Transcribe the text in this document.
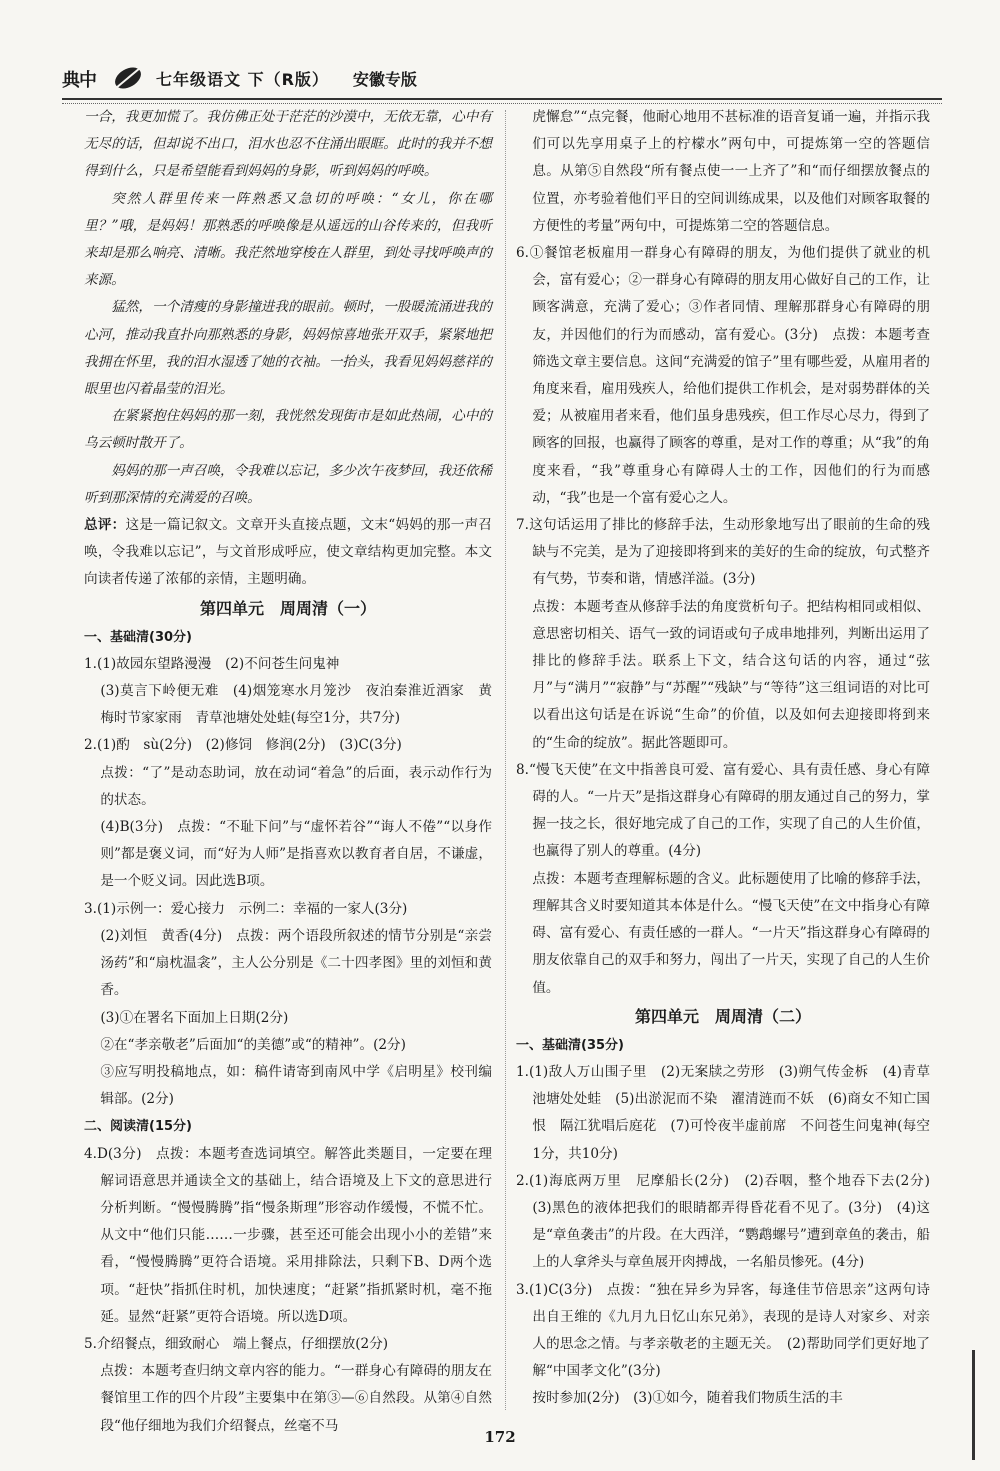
典中	七年级语文 下（R版） 安徽专版

一合，我更加慌了。我仿佛正处于茫茫的沙漠中，无依无靠，心中有无尽的话，但却说不出口，泪水也忍不住涌出眼眶。此时的我并不想得到什么，只是希望能看到妈妈的身影，听到妈妈的呼唤。

突然人群里传来一阵熟悉又急切的呼唤：“女儿，你在哪里？”哦，是妈妈！那熟悉的呼唤像是从遥远的山谷传来的，但我听来却是那么响亮、清晰。我茫然地穿梭在人群里，到处寻找呼唤声的来源。

猛然，一个清瘦的身影撞进我的眼前。顿时，一股暖流涌进我的心河，推动我直扑向那熟悉的身影，妈妈惊喜地张开双手，紧紧地把我拥在怀里，我的泪水湿透了她的衣袖。一抬头，我看见妈妈慈祥的眼里也闪着晶莹的泪光。

在紧紧抱住妈妈的那一刻，我恍然发现街市是如此热闹，心中的乌云顿时散开了。

妈妈的那一声召唤，令我难以忘记，多少次午夜梦回，我还依稀听到那深情的充满爱的召唤。

总评：这是一篇记叙文。文章开头直接点题，文末“妈妈的那一声召唤，令我难以忘记”，与文首形成呼应，使文章结构更加完整。本文向读者传递了浓郁的亲情，主题明确。

第四单元　周周清（一）
一、基础清(30分)

1.(1)故园东望路漫漫　(2)不问苍生问鬼神

(3)莫言下岭便无难　(4)烟笼寒水月笼沙　夜泊秦淮近酒家　黄梅时节家家雨　青草池塘处处蛙(每空1分，共7分)

2.(1)酌　sù(2分)　(2)修饲　修润(2分)　(3)C(3分)

点拨：“了”是动态助词，放在动词“着急”的后面，表示动作行为的状态。

(4)B(3分)　点拨：“不耻下问”与“虚怀若谷”“诲人不倦”“以身作则”都是褒义词，而“好为人师”是指喜欢以教育者自居，不谦虚，是一个贬义词。因此选B项。

3.(1)示例一：爱心接力　示例二：幸福的一家人(3分)

(2)刘恒　黄香(4分)　点拨：两个语段所叙述的情节分别是“亲尝汤药”和“扇枕温衾”，主人公分别是《二十四孝图》里的刘恒和黄香。

(3)①在署名下面加上日期(2分)

②在“孝亲敬老”后面加“的美德”或“的精神”。(2分)

③应写明投稿地点，如：稿件请寄到南风中学《启明星》校刊编辑部。(2分)

二、阅读清(15分)

4.D(3分)　点拨：本题考查选词填空。解答此类题目，一定要在理解词语意思并通读全文的基础上，结合语境及上下文的意思进行分析判断。“慢慢腾腾”指“慢条斯理”形容动作缓慢，不慌不忙。从文中“他们只能……一步骤，甚至还可能会出现小小的差错”来看，“慢慢腾腾”更符合语境。采用排除法，只剩下B、D两个选项。“赶快”指抓住时机，加快速度；“赶紧”指抓紧时机，毫不拖延。显然“赶紧”更符合语境。所以选D项。

5.介绍餐点，细致耐心　端上餐点，仔细摆放(2分)

点拨：本题考查归纳文章内容的能力。“一群身心有障碍的朋友在餐馆里工作的四个片段”主要集中在第③—⑥自然段。从第④自然段“他仔细地为我们介绍餐点，丝毫不马

虎懈怠”“点完餐，他耐心地用不甚标准的语音复诵一遍，并指示我们可以先享用桌子上的柠檬水”两句中，可提炼第一空的答题信息。从第⑤自然段“所有餐点使一一上齐了”和“而仔细摆放餐点的位置，亦考验着他们平日的空间训练成果，以及他们对顾客取餐的方便性的考量”两句中，可提炼第二空的答题信息。

6.①餐馆老板雇用一群身心有障碍的朋友，为他们提供了就业的机会，富有爱心；②一群身心有障碍的朋友用心做好自己的工作，让顾客满意，充满了爱心；③作者同情、理解那群身心有障碍的朋友，并因他们的行为而感动，富有爱心。(3分)　点拨：本题考查筛选文章主要信息。这间“充满爱的馆子”里有哪些爱，从雇用者的角度来看，雇用残疾人，给他们提供工作机会，是对弱势群体的关爱；从被雇用者来看，他们虽身患残疾，但工作尽心尽力，得到了顾客的回报，也赢得了顾客的尊重，是对工作的尊重；从“我”的角度来看，“我”尊重身心有障碍人士的工作，因他们的行为而感动，“我”也是一个富有爱心之人。

7.这句话运用了排比的修辞手法，生动形象地写出了眼前的生命的残缺与不完美，是为了迎接即将到来的美好的生命的绽放，句式整齐有气势，节奏和谐，情感洋溢。(3分)

点拨：本题考查从修辞手法的角度赏析句子。把结构相同或相似、意思密切相关、语气一致的词语或句子成串地排列，判断出运用了排比的修辞手法。联系上下文，结合这句话的内容，通过“弦月”与“满月”“寂静”与“苏醒”“残缺”与“等待”这三组词语的对比可以看出这句话是在诉说“生命”的价值，以及如何去迎接即将到来的“生命的绽放”。据此答题即可。

8.“慢飞天使”在文中指善良可爱、富有爱心、具有责任感、身心有障碍的人。“一片天”是指这群身心有障碍的朋友通过自己的努力，掌握一技之长，很好地完成了自己的工作，实现了自己的人生价值，也赢得了别人的尊重。(4分)

点拨：本题考查理解标题的含义。此标题使用了比喻的修辞手法，理解其含义时要知道其本体是什么。“慢飞天使”在文中指身心有障碍、富有爱心、有责任感的一群人。“一片天”指这群身心有障碍的朋友依靠自己的双手和努力，闯出了一片天，实现了自己的人生价值。

第四单元　周周清（二）
一、基础清(35分)

1.(1)敌人万山围子里　(2)无案牍之劳形　(3)朔气传金柝　(4)青草池塘处处蛙　(5)出淤泥而不染　濯清涟而不妖　(6)商女不知亡国恨　隔江犹唱后庭花　(7)可怜夜半虚前席　不问苍生问鬼神(每空1分，共10分)

2.(1)海底两万里　尼摩船长(2分)　(2)吞咽，整个地吞下去(2分)　(3)黑色的液体把我们的眼睛都弄得昏花看不见了。(3分)　(4)这是“章鱼袭击”的片段。在大西洋，“鹦鹉螺号”遭到章鱼的袭击，船上的人拿斧头与章鱼展开肉搏战，一名船员惨死。(4分)

3.(1)C(3分)　点拨：“独在异乡为异客，每逢佳节倍思亲”这两句诗出自王维的《九月九日忆山东兄弟》，表现的是诗人对家乡、对亲人的思念之情。与孝亲敬老的主题无关。　(2)帮助同学们更好地了解“中国孝文化”(3分)

按时参加(2分)　(3)①如今，随着我们物质生活的丰

172
